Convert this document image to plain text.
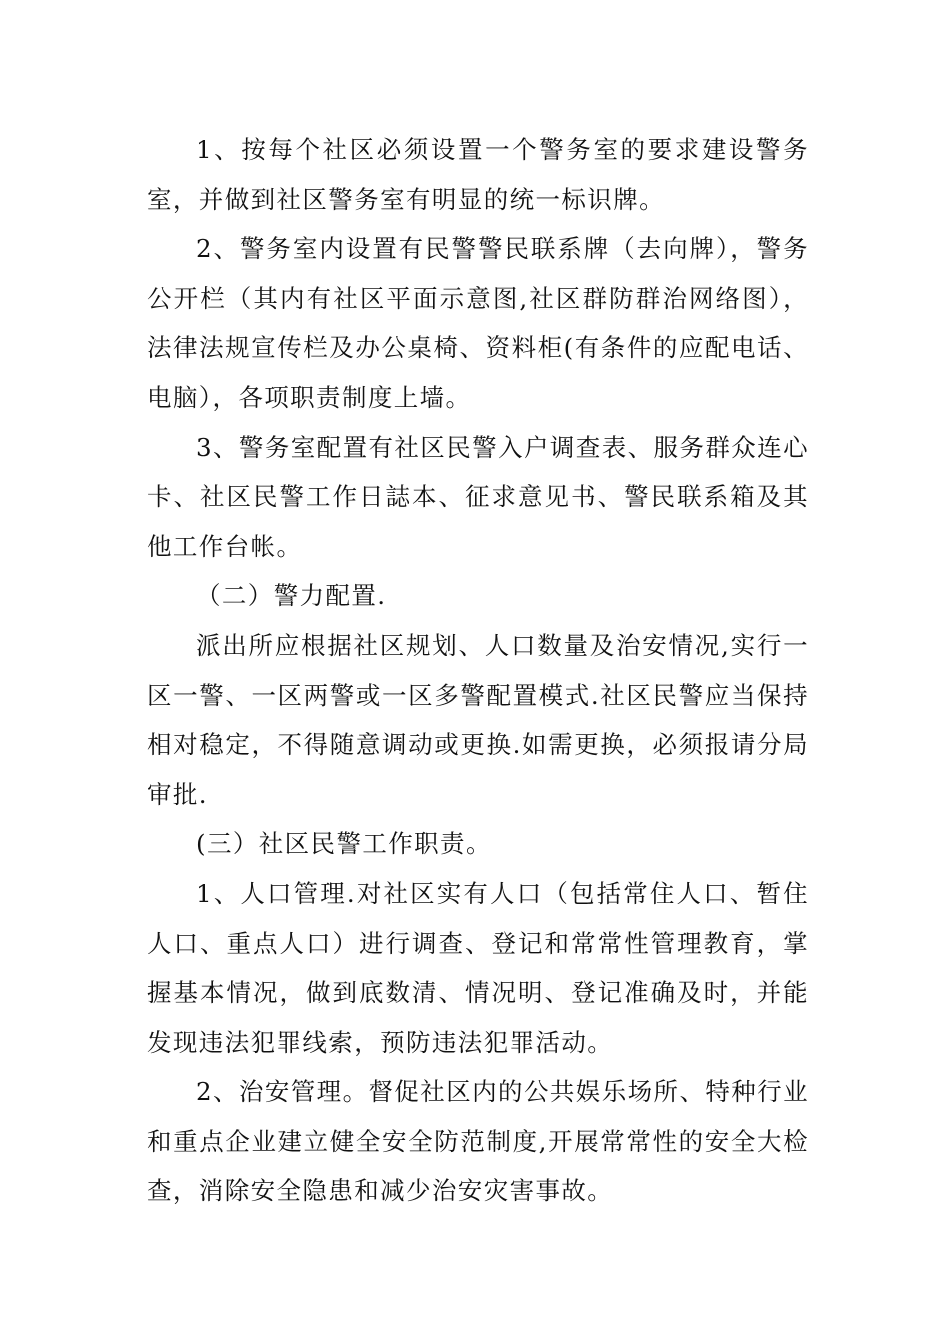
1、按每个社区必须设置一个警务室的要求建设警务室，并做到社区警务室有明显的统一标识牌。

2、警务室内设置有民警警民联系牌（去向牌），警务公开栏（其内有社区平面示意图,社区群防群治网络图），法律法规宣传栏及办公桌椅、资料柜(有条件的应配电话、电脑），各项职责制度上墙。

3、警务室配置有社区民警入户调查表、服务群众连心卡、社区民警工作日誌本、征求意见书、警民联系箱及其他工作台帐。

（二）警力配置.

派出所应根据社区规划、人口数量及治安情况,实行一区一警、一区两警或一区多警配置模式.社区民警应当保持相对稳定，不得随意调动或更换.如需更换，必须报请分局审批.

(三）社区民警工作职责。

1、人口管理.对社区实有人口（包括常住人口、暂住人口、重点人口）进行调查、登记和常常性管理教育，掌握基本情况，做到底数清、情况明、登记准确及时，并能发现违法犯罪线索，预防违法犯罪活动。

2、治安管理。督促社区内的公共娱乐场所、特种行业和重点企业建立健全安全防范制度,开展常常性的安全大检查，消除安全隐患和减少治安灾害事故。
